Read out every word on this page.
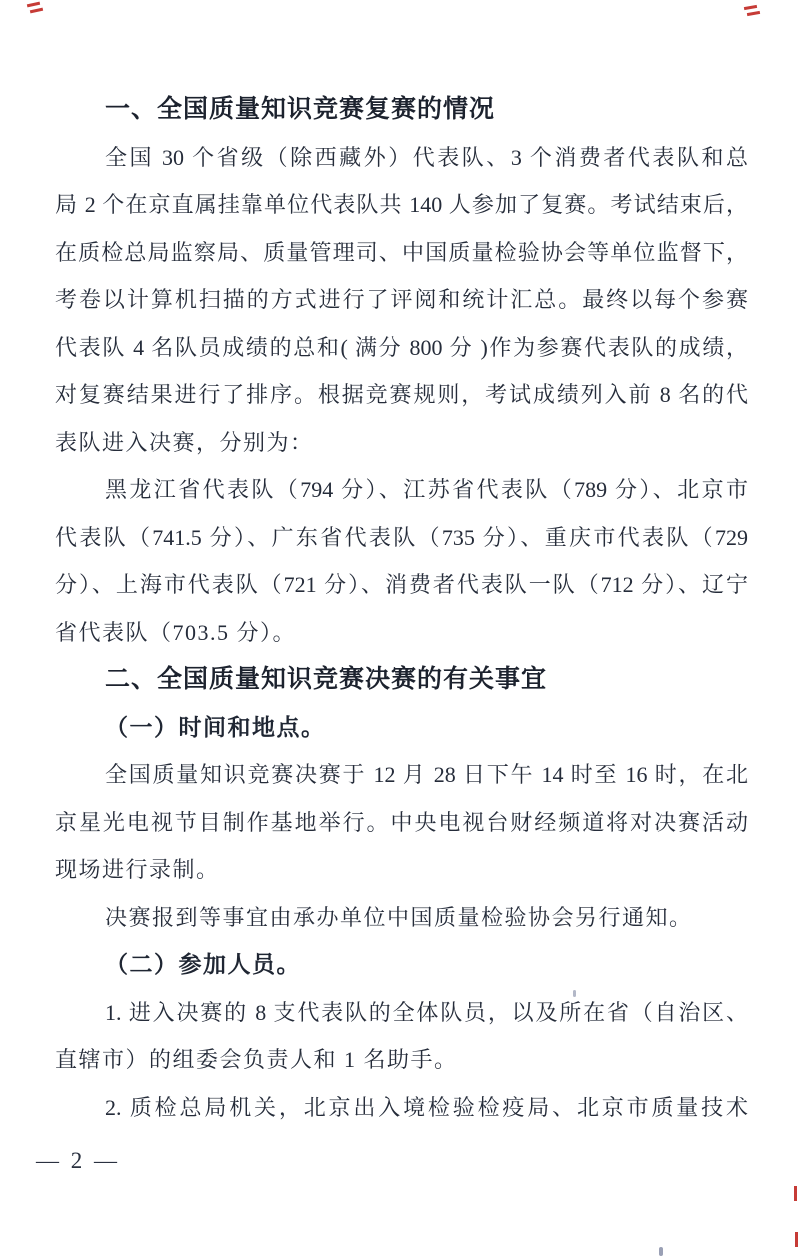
一、全国质量知识竞赛复赛的情况
全国 30 个省级（除西藏外）代表队、3 个消费者代表队和总
局 2 个在京直属挂靠单位代表队共 140 人参加了复赛。考试结束后，
在质检总局监察局、质量管理司、中国质量检验协会等单位监督下，
考卷以计算机扫描的方式进行了评阅和统计汇总。最终以每个参赛
代表队 4 名队员成绩的总和( 满分 800 分 )作为参赛代表队的成绩，
对复赛结果进行了排序。根据竞赛规则，考试成绩列入前 8 名的代
表队进入决赛，分别为：
黑龙江省代表队（794 分）、江苏省代表队（789 分）、北京市
代表队（741.5 分）、广东省代表队（735 分）、重庆市代表队（729
分）、上海市代表队（721 分）、消费者代表队一队（712 分）、辽宁
省代表队（703.5 分）。
二、全国质量知识竞赛决赛的有关事宜
（一）时间和地点。
全国质量知识竞赛决赛于 12 月 28 日下午 14 时至 16 时，在北
京星光电视节目制作基地举行。中央电视台财经频道将对决赛活动
现场进行录制。
决赛报到等事宜由承办单位中国质量检验协会另行通知。
（二）参加人员。
1. 进入决赛的 8 支代表队的全体队员，以及所在省（自治区、
直辖市）的组委会负责人和 1 名助手。
2. 质检总局机关，北京出入境检验检疫局、北京市质量技术
— 2 —
